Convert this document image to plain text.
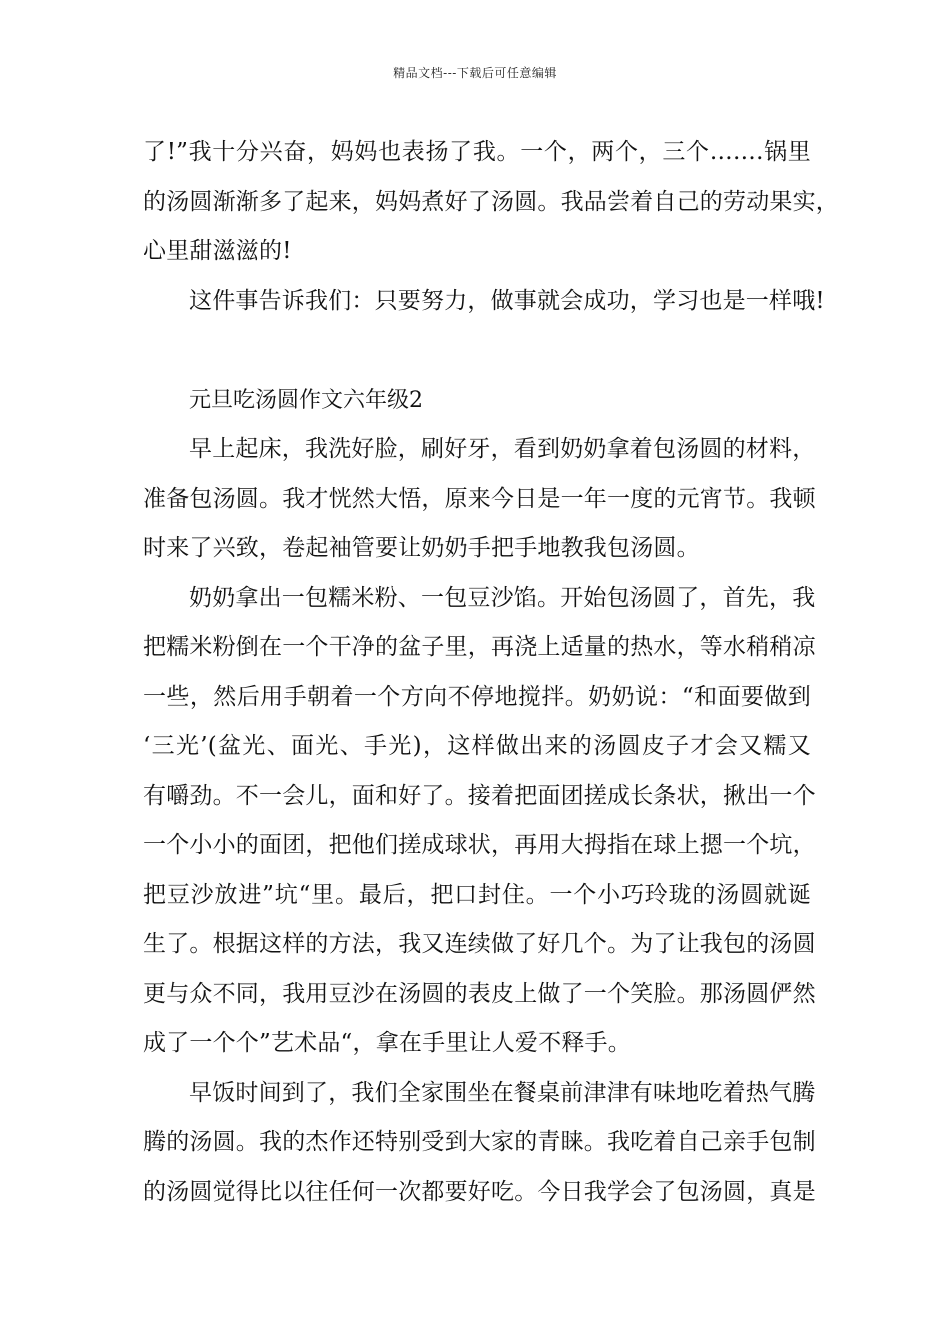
精品文档---下载后可任意编辑
了!”我十分兴奋，妈妈也表扬了我。一个，两个，三个…….锅里
的汤圆渐渐多了起来，妈妈煮好了汤圆。我品尝着自己的劳动果实，
心里甜滋滋的!
这件事告诉我们：只要努力，做事就会成功，学习也是一样哦!
元旦吃汤圆作文六年级2
早上起床，我洗好脸，刷好牙，看到奶奶拿着包汤圆的材料，
准备包汤圆。我才恍然大悟，原来今日是一年一度的元宵节。我顿
时来了兴致，卷起袖管要让奶奶手把手地教我包汤圆。
奶奶拿出一包糯米粉、一包豆沙馅。开始包汤圆了，首先，我
把糯米粉倒在一个干净的盆子里，再浇上适量的热水，等水稍稍凉
一些，然后用手朝着一个方向不停地搅拌。奶奶说：“和面要做到
‘三光’(盆光、面光、手光)，这样做出来的汤圆皮子才会又糯又
有嚼劲。不一会儿，面和好了。接着把面团搓成长条状，揪出一个
一个小小的面团，把他们搓成球状，再用大拇指在球上摁一个坑，
把豆沙放进”坑“里。最后，把口封住。一个小巧玲珑的汤圆就诞
生了。根据这样的方法，我又连续做了好几个。为了让我包的汤圆
更与众不同，我用豆沙在汤圆的表皮上做了一个笑脸。那汤圆俨然
成了一个个”艺术品“，拿在手里让人爱不释手。
早饭时间到了，我们全家围坐在餐桌前津津有味地吃着热气腾
腾的汤圆。我的杰作还特别受到大家的青睐。我吃着自己亲手包制
的汤圆觉得比以往任何一次都要好吃。今日我学会了包汤圆，真是
